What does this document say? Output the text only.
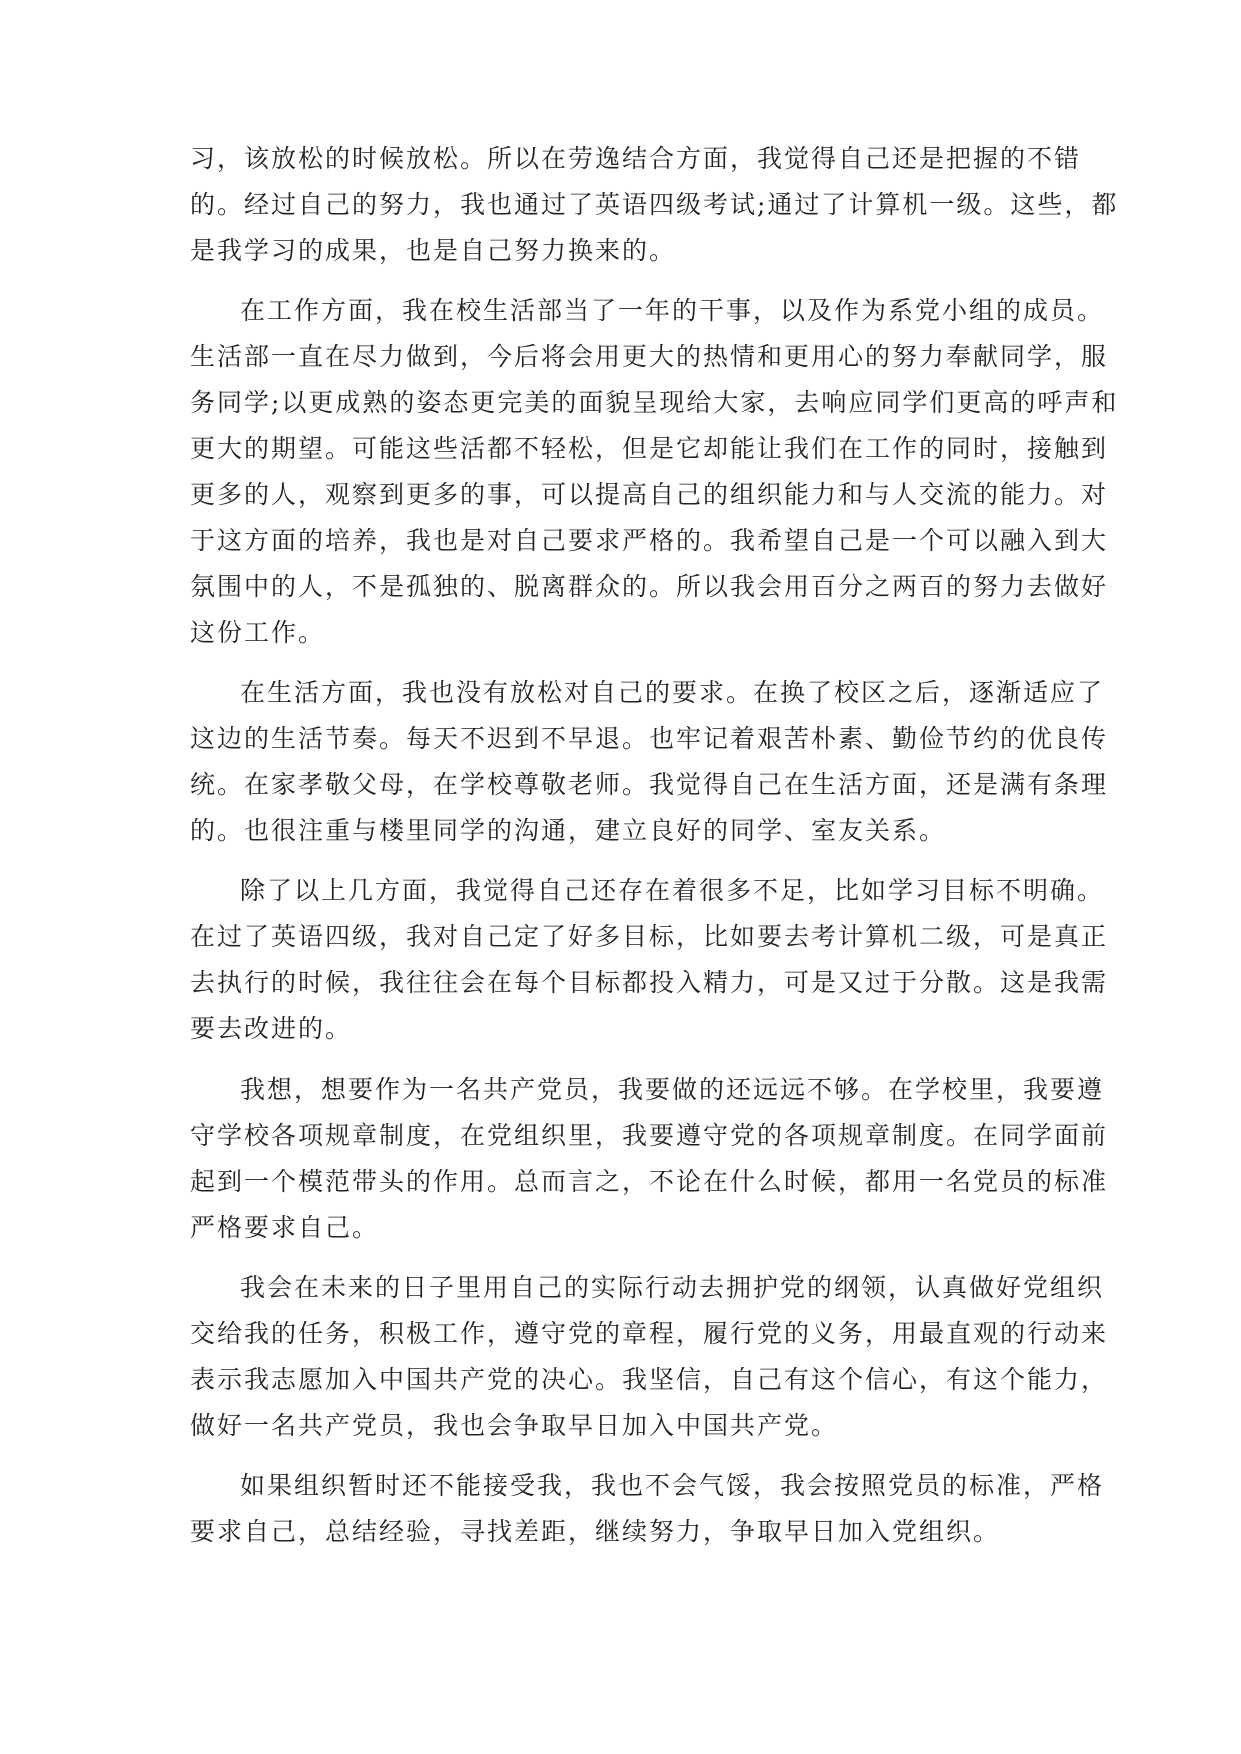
习，该放松的时候放松。所以在劳逸结合方面，我觉得自己还是把握的不错
的。经过自己的努力，我也通过了英语四级考试;通过了计算机一级。这些，都
是我学习的成果，也是自己努力换来的。
在工作方面，我在校生活部当了一年的干事，以及作为系党小组的成员。
生活部一直在尽力做到，今后将会用更大的热情和更用心的努力奉献同学，服
务同学;以更成熟的姿态更完美的面貌呈现给大家，去响应同学们更高的呼声和
更大的期望。可能这些活都不轻松，但是它却能让我们在工作的同时，接触到
更多的人，观察到更多的事，可以提高自己的组织能力和与人交流的能力。对
于这方面的培养，我也是对自己要求严格的。我希望自己是一个可以融入到大
氛围中的人，不是孤独的、脱离群众的。所以我会用百分之两百的努力去做好
这份工作。
在生活方面，我也没有放松对自己的要求。在换了校区之后，逐渐适应了
这边的生活节奏。每天不迟到不早退。也牢记着艰苦朴素、勤俭节约的优良传
统。在家孝敬父母，在学校尊敬老师。我觉得自己在生活方面，还是满有条理
的。也很注重与楼里同学的沟通，建立良好的同学、室友关系。
除了以上几方面，我觉得自己还存在着很多不足，比如学习目标不明确。
在过了英语四级，我对自己定了好多目标，比如要去考计算机二级，可是真正
去执行的时候，我往往会在每个目标都投入精力，可是又过于分散。这是我需
要去改进的。
我想，想要作为一名共产党员，我要做的还远远不够。在学校里，我要遵
守学校各项规章制度，在党组织里，我要遵守党的各项规章制度。在同学面前
起到一个模范带头的作用。总而言之，不论在什么时候，都用一名党员的标准
严格要求自己。
我会在未来的日子里用自己的实际行动去拥护党的纲领，认真做好党组织
交给我的任务，积极工作，遵守党的章程，履行党的义务，用最直观的行动来
表示我志愿加入中国共产党的决心。我坚信，自己有这个信心，有这个能力，
做好一名共产党员，我也会争取早日加入中国共产党。
如果组织暂时还不能接受我，我也不会气馁，我会按照党员的标准，严格
要求自己，总结经验，寻找差距，继续努力，争取早日加入党组织。
